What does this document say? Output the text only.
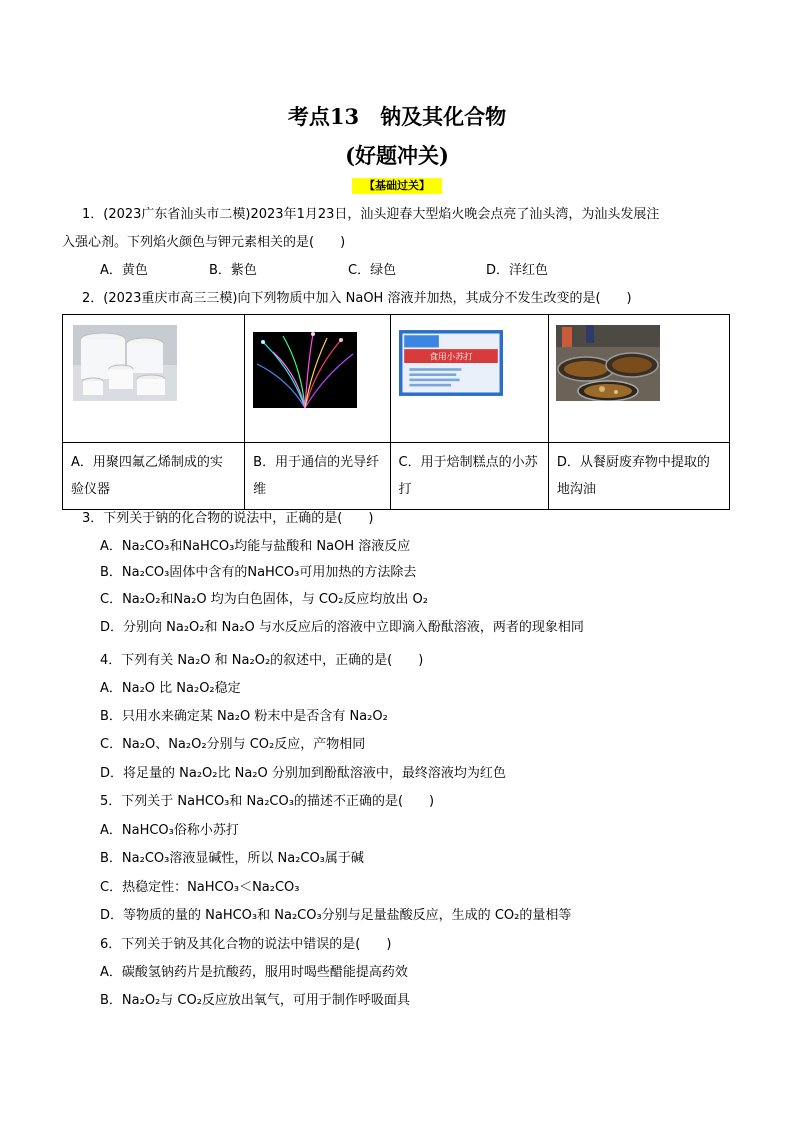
考点13　钠及其化合物
(好题冲关)
【基础过关】
1．(2023广东省汕头市二模)2023年1月23日，汕头迎春大型焰火晚会点亮了汕头湾，为汕头发展注
入强心剂。下列焰火颜色与钾元素相关的是(　　)
A．黄色	B．紫色	C．绿色	D．洋红色
2．(2023重庆市高三三模)向下列物质中加入 NaOH 溶液并加热，其成分不发生改变的是(　　)

食用小苏打

A．用聚四氟乙烯制成的实
验仪器	B．用于通信的光导纤
维	C．用于焙制糕点的小苏
打	D．从餐厨废弃物中提取的
地沟油
3．下列关于钠的化合物的说法中，正确的是(　　)
A．Na₂CO₃和NaHCO₃均能与盐酸和 NaOH 溶液反应
B．Na₂CO₃固体中含有的NaHCO₃可用加热的方法除去
C．Na₂O₂和Na₂O 均为白色固体，与 CO₂反应均放出 O₂
D．分别向 Na₂O₂和 Na₂O 与水反应后的溶液中立即滴入酚酞溶液，两者的现象相同
4．下列有关 Na₂O 和 Na₂O₂的叙述中，正确的是(　　)
A．Na₂O 比 Na₂O₂稳定
B．只用水来确定某 Na₂O 粉末中是否含有 Na₂O₂
C．Na₂O、Na₂O₂分别与 CO₂反应，产物相同
D．将足量的 Na₂O₂比 Na₂O 分别加到酚酞溶液中，最终溶液均为红色
5．下列关于 NaHCO₃和 Na₂CO₃的描述不正确的是(　　)
A．NaHCO₃俗称小苏打
B．Na₂CO₃溶液显碱性，所以 Na₂CO₃属于碱
C．热稳定性：NaHCO₃＜Na₂CO₃
D．等物质的量的 NaHCO₃和 Na₂CO₃分别与足量盐酸反应，生成的 CO₂的量相等
6．下列关于钠及其化合物的说法中错误的是(　　)
A．碳酸氢钠药片是抗酸药，服用时喝些醋能提高药效
B．Na₂O₂与 CO₂反应放出氧气，可用于制作呼吸面具
